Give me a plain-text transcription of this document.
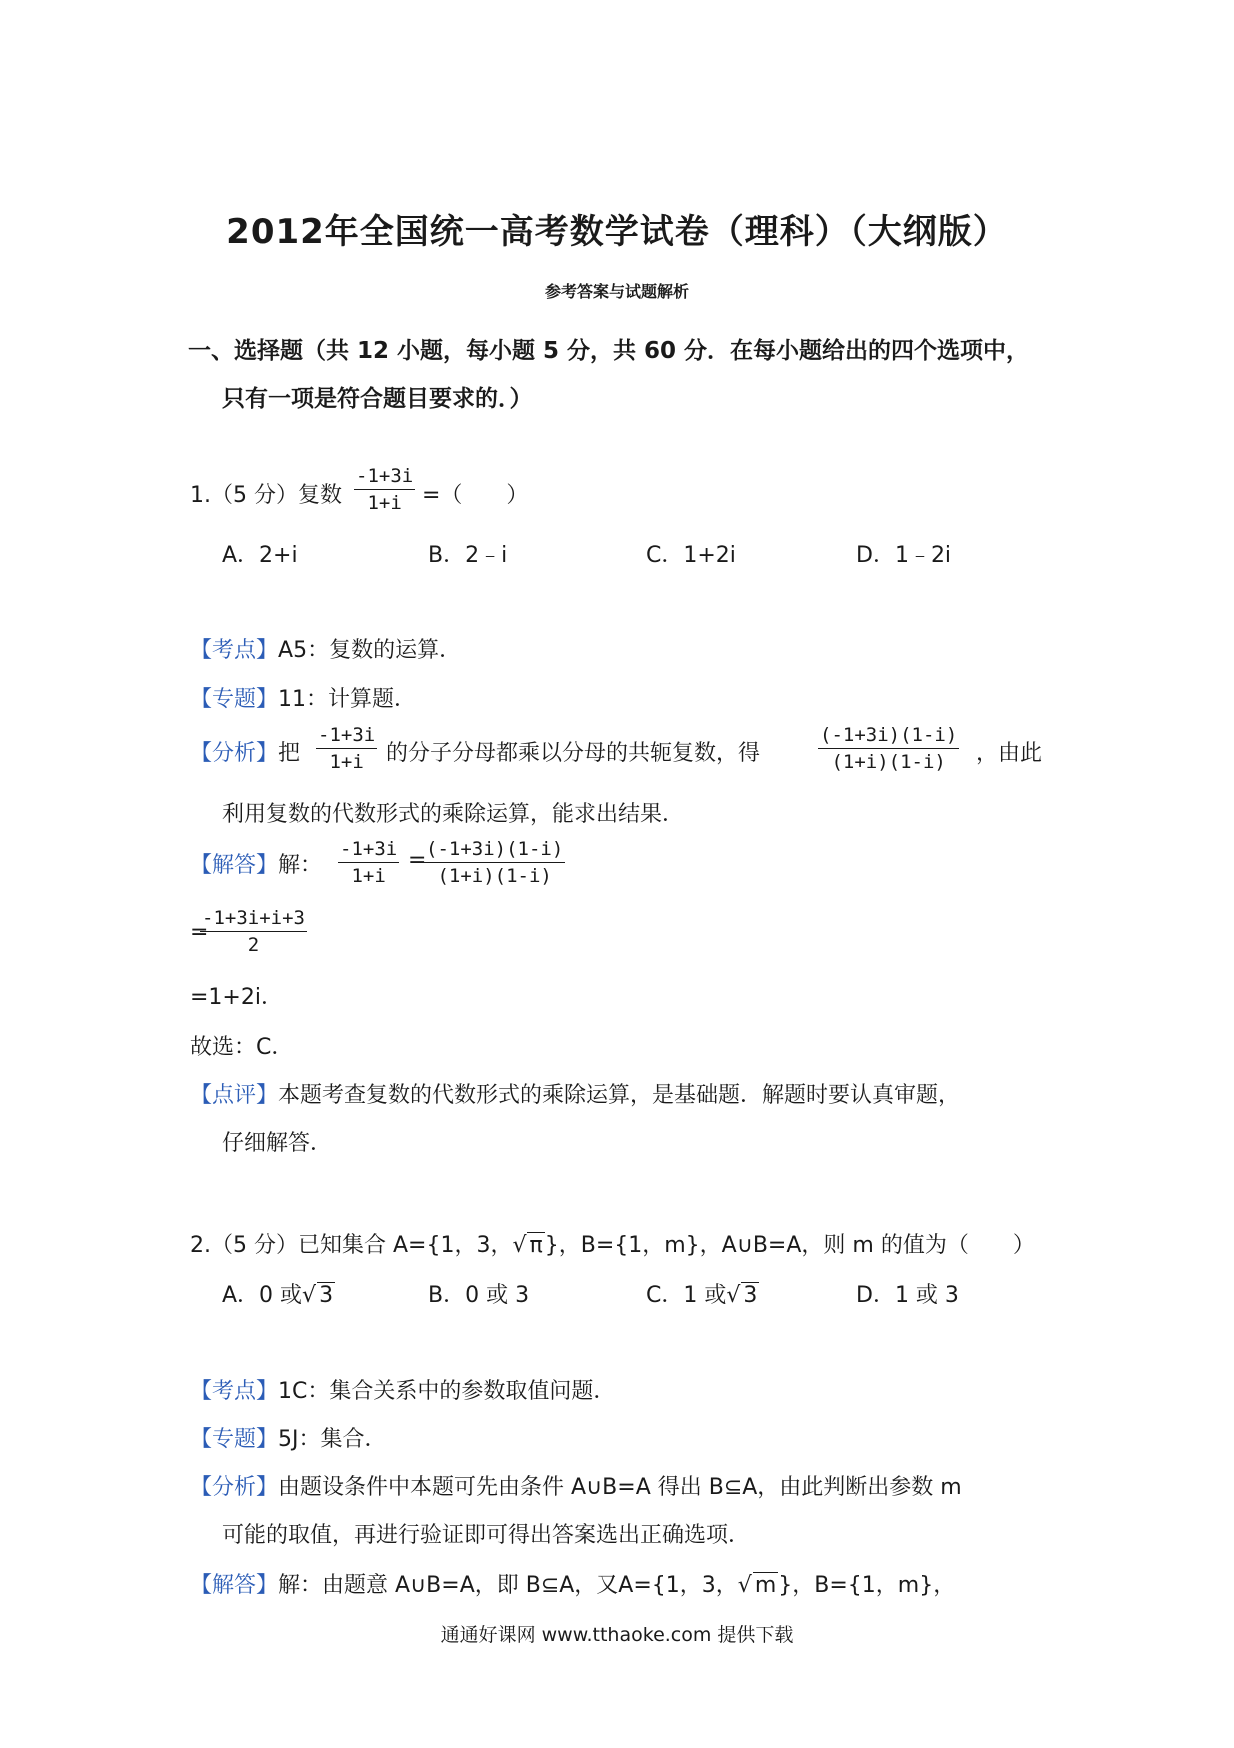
2012年全国统一高考数学试卷（理科）（大纲版）
参考答案与试题解析
一、选择题（共 12 小题，每小题 5 分，共 60 分．在每小题给出的四个选项中，
只有一项是符合题目要求的．）
1.（5 分）复数 $\frac{-1+3i}{1+i}$ =（　　）
A．2+i	B．2﹣i	C．1+2i	D．1﹣2i
【考点】A5：复数的运算．
【专题】11：计算题．
【分析】把 $\frac{-1+3i}{1+i}$ 的分子分母都乘以分母的共轭复数，得	$\frac{(-1+3i)(1-i)}{(1+i)(1-i)}$ ，由此
利用复数的代数形式的乘除运算，能求出结果．
【解答】解： $\frac{-1+3i}{1+i}$ =
$\frac{(-1+3i)(1-i)}{(1+i)(1-i)}$
=
$\frac{-1+3i+i+3}{2}$
=1+2i．
故选：C．
【点评】本题考查复数的代数形式的乘除运算，是基础题．解题时要认真审题，
仔细解答．
2.（5 分）已知集合 A={1，3，√ π}，B={1，m}，A∪B=A，则 m 的值为（　　）
A．0 或√ 3	B．0 或 3	C．1 或√ 3	D．1 或 3
【考点】1C：集合关系中的参数取值问题．
【专题】5J：集合．
【分析】由题设条件中本题可先由条件 A∪B=A 得出 B⊆A，由此判断出参数 m
可能的取值，再进行验证即可得出答案选出正确选项．
【解答】解：由题意 A∪B=A，即 B⊆A，又A={1，3，√ m}，B={1，m}，
通通好课网 www.tthaoke.com 提供下载
